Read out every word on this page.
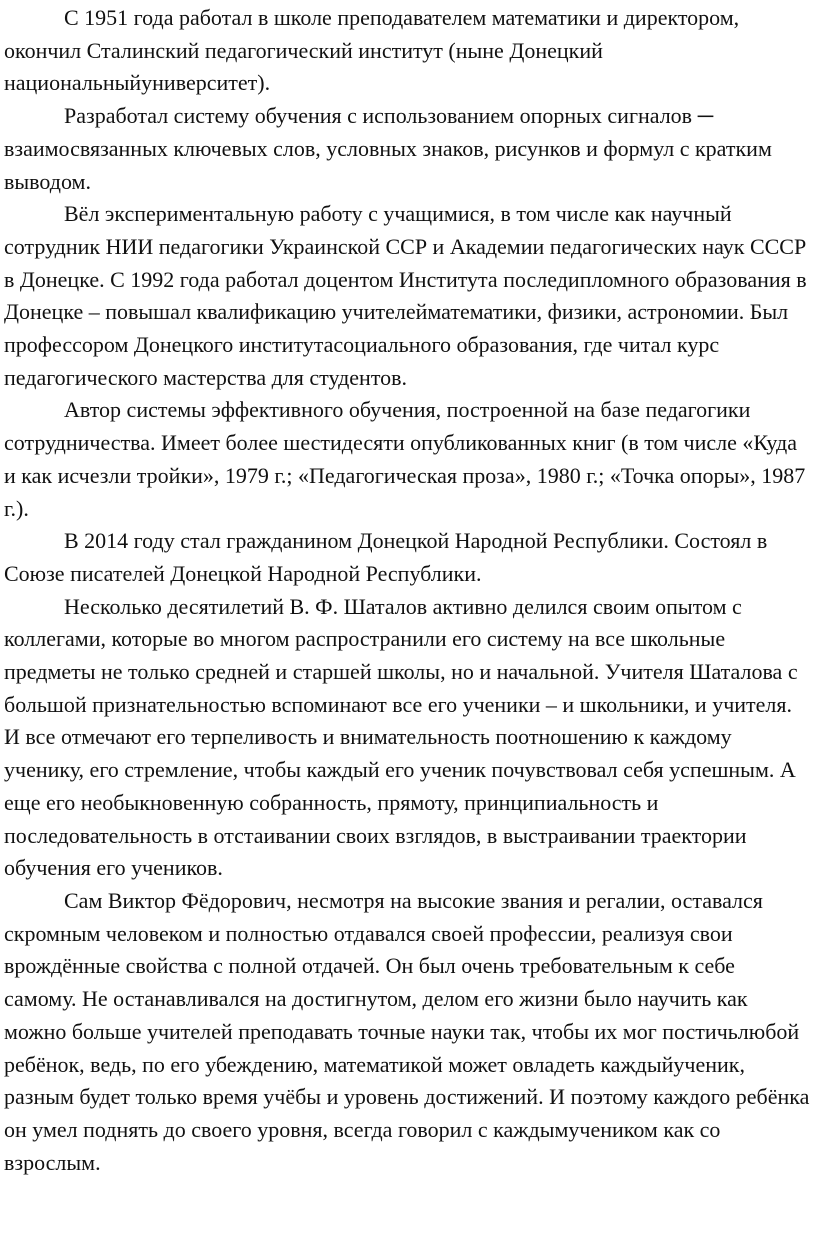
С 1951 года работал в школе преподавателем математики и директором, окончил Сталинский педагогический институт (ныне Донецкий национальныйуниверситет).

Разработал систему обучения с использованием опорных сигналов ─ взаимосвязанных ключевых слов, условных знаков, рисунков и формул с кратким выводом.

Вёл экспериментальную работу с учащимися, в том числе как научный сотрудник НИИ педагогики Украинской ССР и Академии педагогических наук СССР в Донецке. С 1992 года работал доцентом Института последипломного образования в Донецке – повышал квалификацию учителейматематики, физики, астрономии. Был профессором Донецкого институтасоциального образования, где читал курс педагогического мастерства для студентов.

Автор системы эффективного обучения, построенной на базе педагогики сотрудничества. Имеет более шестидесяти опубликованных книг (в том числе «Куда и как исчезли тройки», 1979 г.; «Педагогическая проза», 1980 г.; «Точка опоры», 1987 г.).

В 2014 году стал гражданином Донецкой Народной Республики. Состоял в Союзе писателей Донецкой Народной Республики.

Несколько десятилетий В. Ф. Шаталов активно делился своим опытом с коллегами, которые во многом распространили его систему на все школьные предметы не только средней и старшей школы, но и начальной. Учителя Шаталова с большой признательностью вспоминают все его ученики – и школьники, и учителя. И все отмечают его терпеливость и внимательность поотношению к каждому ученику, его стремление, чтобы каждый его ученик почувствовал себя успешным. А еще его необыкновенную собранность, прямоту, принципиальность и последовательность в отстаивании своих взглядов, в выстраивании траектории обучения его учеников.

Сам Виктор Фёдорович, несмотря на высокие звания и регалии, оставался скромным человеком и полностью отдавался своей профессии, реализуя свои врождённые свойства с полной отдачей. Он был очень требовательным к себе самому. Не останавливался на достигнутом, делом его жизни было научить как можно больше учителей преподавать точные науки так, чтобы их мог постичьлюбой ребёнок, ведь, по его убеждению, математикой может овладеть каждыйученик, разным будет только время учёбы и уровень достижений. И поэтому каждого ребёнка он умел поднять до своего уровня, всегда говорил с каждымучеником как со взрослым.
